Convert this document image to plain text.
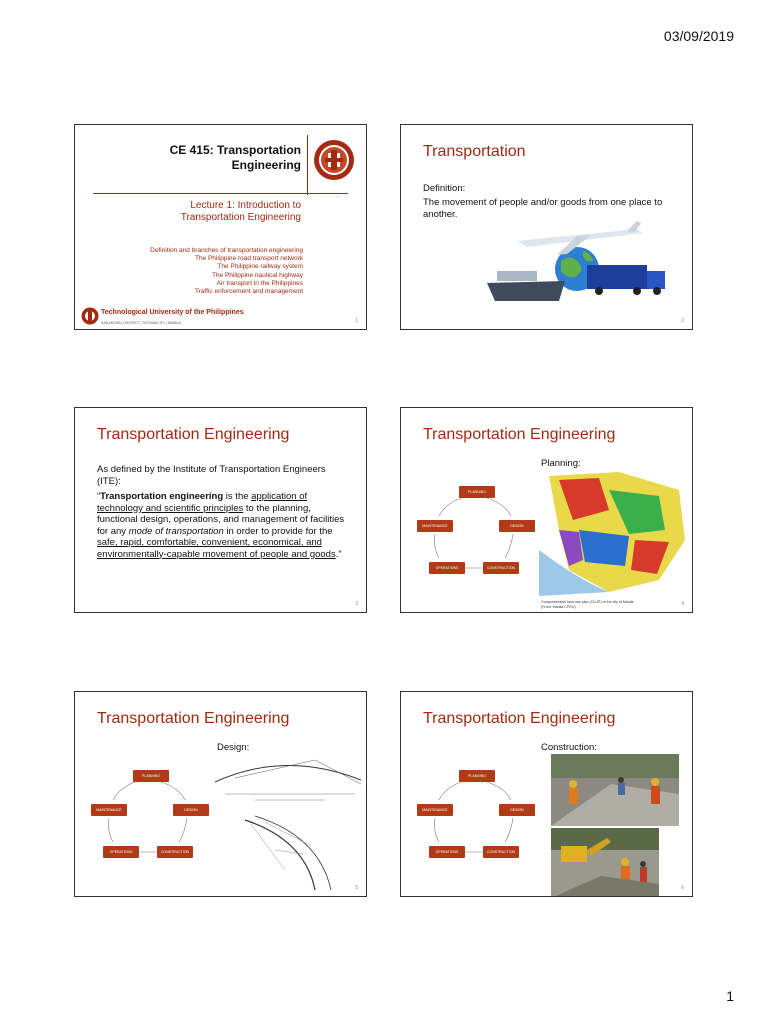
03/09/2019
CE 415: Transportation
Engineering
Lecture 1: Introduction to
Transportation Engineering
Definition and branches of transportation engineering
The Philippine road transport network
The Philippine railway system
The Philippine nautical highway
Air transport in the Philippines
Traffic enforcement and management
Technological University of the Philippines
SAN MIGUEL DISTRICT | TAYUMAN ST. | MANILA	1
Transportation
Definition:
The movement of people and/or goods from one place to another.
2
Transportation Engineering
As defined by the Institute of Transportation Engineers (ITE):
“Transportation engineering is the application of technology and scientific principles to the planning, functional design, operations, and management of facilities for any mode of transportation in order to provide for the safe, rapid, comfortable, convenient, economical, and environmentally-capable movement of people and goods.”
3
Transportation Engineering
Planning:
PLANNING
DESIGN
CONSTRUCTION
OPERATIONS
MAINTENANCE
Comprehensive land use plan (CLUP) of the city of Manila
(From: Manila CPDO)	4
Transportation Engineering
Design:
PLANNING
DESIGN
CONSTRUCTION
OPERATIONS
MAINTENANCE
5
Transportation Engineering
Construction:
PLANNING
DESIGN
CONSTRUCTION
OPERATIONS
MAINTENANCE
6
1
